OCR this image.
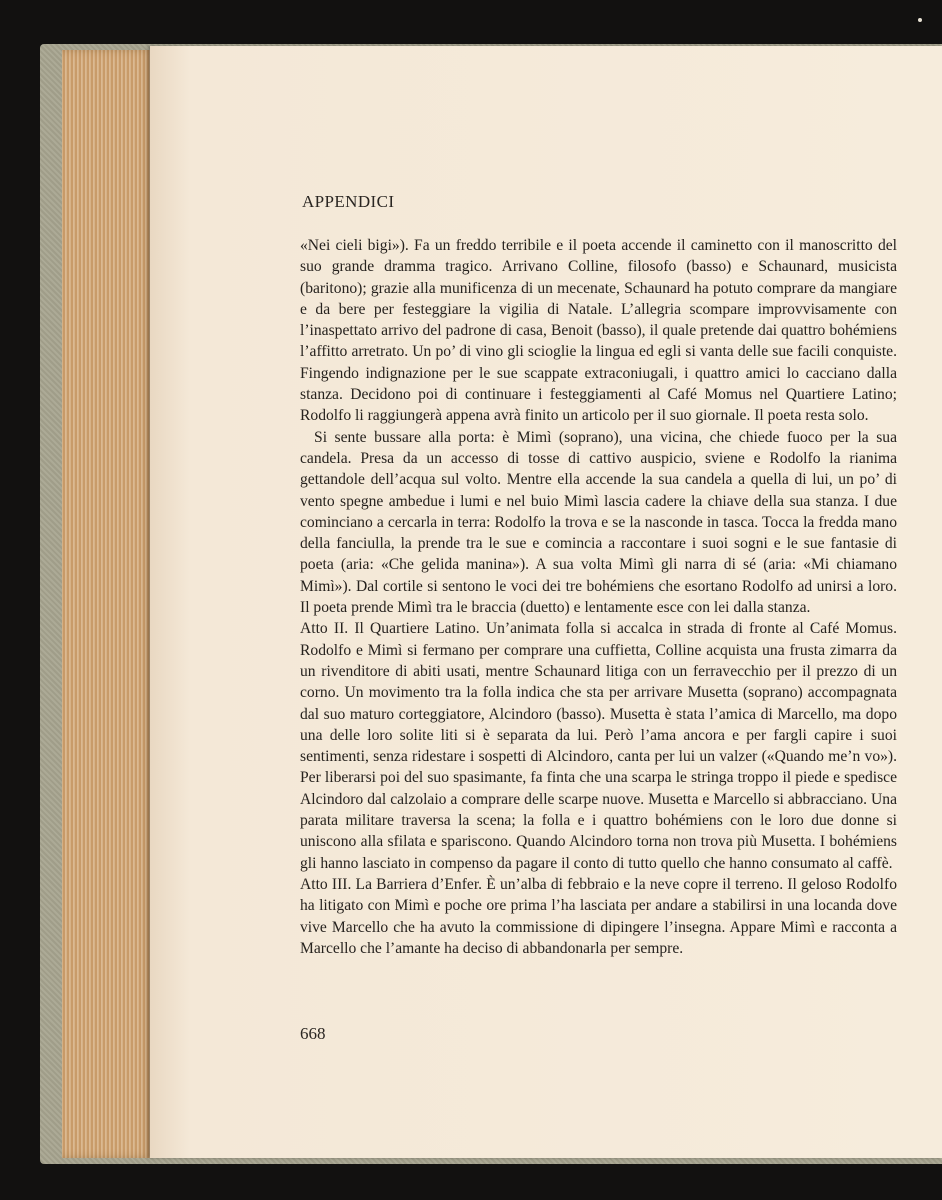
APPENDICI

«Nei cieli bigi»). Fa un freddo terribile e il poeta accende il caminetto con il manoscritto del suo grande dramma tragico. Arrivano Colline, filosofo (basso) e Schaunard, musicista (baritono); grazie alla munificenza di un mecenate, Schaunard ha potuto comprare da mangiare e da bere per festeggiare la vigilia di Natale. L’allegria scompare improvvisamente con l’inaspettato arrivo del padrone di casa, Benoit (basso), il quale pretende dai quattro bohémiens l’affitto arretrato. Un po’ di vino gli scioglie la lingua ed egli si vanta delle sue facili conquiste. Fingendo indignazione per le sue scappate extraconiugali, i quattro amici lo cacciano dalla stanza. Decidono poi di continuare i festeggiamenti al Café Momus nel Quartiere Latino; Rodolfo li raggiungerà appena avrà finito un articolo per il suo giornale. Il poeta resta solo.

Si sente bussare alla porta: è Mimì (soprano), una vicina, che chiede fuoco per la sua candela. Presa da un accesso di tosse di cattivo auspicio, sviene e Rodolfo la rianima gettandole dell’acqua sul volto. Mentre ella accende la sua candela a quella di lui, un po’ di vento spegne ambedue i lumi e nel buio Mimì lascia cadere la chiave della sua stanza. I due cominciano a cercarla in terra: Rodolfo la trova e se la nasconde in tasca. Tocca la fredda mano della fanciulla, la prende tra le sue e comincia a raccontare i suoi sogni e le sue fantasie di poeta (aria: «Che gelida manina»). A sua volta Mimì gli narra di sé (aria: «Mi chiamano Mimì»). Dal cortile si sentono le voci dei tre bohémiens che esortano Rodolfo ad unirsi a loro. Il poeta prende Mimì tra le braccia (duetto) e lentamente esce con lei dalla stanza.

Atto II. Il Quartiere Latino. Un’animata folla si accalca in strada di fronte al Café Momus. Rodolfo e Mimì si fermano per comprare una cuffietta, Colline acquista una frusta zimarra da un rivenditore di abiti usati, mentre Schaunard litiga con un ferravecchio per il prezzo di un corno. Un movimento tra la folla indica che sta per arrivare Musetta (soprano) accompagnata dal suo maturo corteggiatore, Alcindoro (basso). Musetta è stata l’amica di Marcello, ma dopo una delle loro solite liti si è separata da lui. Però l’ama ancora e per fargli capire i suoi sentimenti, senza ridestare i sospetti di Alcindoro, canta per lui un valzer («Quando me’n vo»). Per liberarsi poi del suo spasimante, fa finta che una scarpa le stringa troppo il piede e spedisce Alcindoro dal calzolaio a comprare delle scarpe nuove. Musetta e Marcello si abbracciano. Una parata militare traversa la scena; la folla e i quattro bohémiens con le loro due donne si uniscono alla sfilata e spariscono. Quando Alcindoro torna non trova più Musetta. I bohémiens gli hanno lasciato in compenso da pagare il conto di tutto quello che hanno consumato al caffè.

Atto III. La Barriera d’Enfer. È un’alba di febbraio e la neve copre il terreno. Il geloso Rodolfo ha litigato con Mimì e poche ore prima l’ha lasciata per andare a stabilirsi in una locanda dove vive Marcello che ha avuto la commissione di dipingere l’insegna. Appare Mimì e racconta a Marcello che l’amante ha deciso di abbandonarla per sempre.

668
